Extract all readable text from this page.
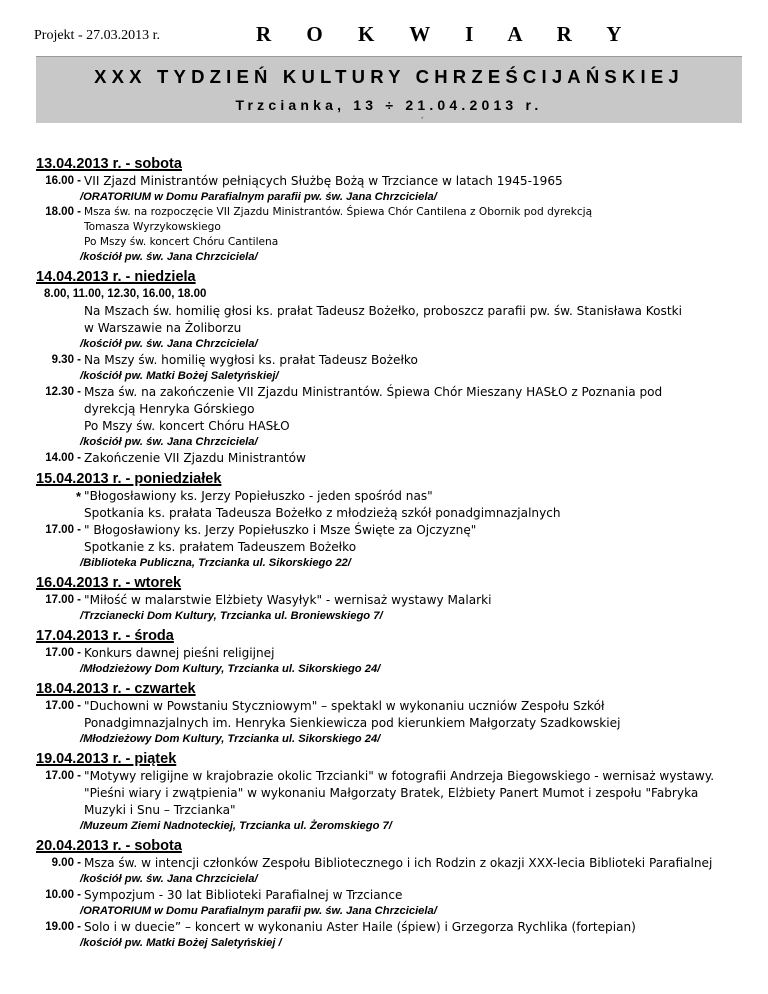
Projekt - 27.03.2013 r.	R O K W I A R Y
XXX TYDZIEŃ KULTURY CHRZEŚCIJAŃSKIEJ
Trzcianka, 13 ÷ 21.04.2013 r.
*
13.04.2013 r. - sobota
16.00 - VII Zjazd Ministrantów pełniących Służbę Bożą w Trzciance w latach 1945-1965
/ORATORIUM w Domu Parafialnym parafii pw. św. Jana Chrzciciela/
18.00 - Msza św. na rozpoczęcie VII Zjazdu Ministrantów. Śpiewa Chór Cantilena z Obornik pod dyrekcją
Tomasza Wyrzykowskiego
Po Mszy św. koncert Chóru Cantilena
/kościół pw. św. Jana Chrzciciela/
14.04.2013 r. - niedziela
8.00, 11.00, 12.30, 16.00, 18.00
Na Mszach św. homilię głosi ks. prałat Tadeusz Bożełko, proboszcz parafii pw. św. Stanisława Kostki
w Warszawie na Żoliborzu
/kościół pw. św. Jana Chrzciciela/
9.30 - Na Mszy św. homilię wygłosi ks. prałat Tadeusz Bożełko
/kościół pw. Matki Bożej Saletyńskiej/
12.30 - Msza św. na zakończenie VII Zjazdu Ministrantów. Śpiewa Chór Mieszany HASŁO z Poznania pod
dyrekcją Henryka Górskiego
Po Mszy św. koncert Chóru HASŁO
/kościół pw. św. Jana Chrzciciela/
14.00 - Zakończenie VII Zjazdu Ministrantów
15.04.2013 r. - poniedziałek
* "Błogosławiony ks. Jerzy Popiełuszko - jeden spośród nas"
Spotkania ks. prałata Tadeusza Bożełko z młodzieżą szkół ponadgimnazjalnych
17.00 - " Błogosławiony ks. Jerzy Popiełuszko i Msze Święte za Ojczyznę"
Spotkanie z ks. prałatem Tadeuszem Bożełko
/Biblioteka Publiczna, Trzcianka ul. Sikorskiego 22/
16.04.2013 r. - wtorek
17.00 - "Miłość w malarstwie Elżbiety Wasyłyk" - wernisaż wystawy Malarki
/Trzcianecki Dom Kultury, Trzcianka ul. Broniewskiego 7/
17.04.2013 r. - środa
17.00 - Konkurs dawnej pieśni religijnej
/Młodzieżowy Dom Kultury, Trzcianka ul. Sikorskiego 24/
18.04.2013 r. - czwartek
17.00 - "Duchowni w Powstaniu Styczniowym" – spektakl w wykonaniu uczniów Zespołu Szkół
Ponadgimnazjalnych im. Henryka Sienkiewicza pod kierunkiem Małgorzaty Szadkowskiej
/Młodzieżowy Dom Kultury, Trzcianka ul. Sikorskiego 24/
19.04.2013 r. - piątek
17.00 - "Motywy religijne w krajobrazie okolic Trzcianki" w fotografii Andrzeja Biegowskiego - wernisaż wystawy.
"Pieśni wiary i zwątpienia" w wykonaniu Małgorzaty Bratek, Elżbiety Panert Mumot i zespołu "Fabryka
Muzyki i Snu – Trzcianka"
/Muzeum Ziemi Nadnoteckiej, Trzcianka ul. Żeromskiego 7/
20.04.2013 r. - sobota
9.00 - Msza św. w intencji członków Zespołu Bibliotecznego i ich Rodzin z okazji XXX-lecia Biblioteki Parafialnej
/kościół pw. św. Jana Chrzciciela/
10.00 - Sympozjum - 30 lat Biblioteki Parafialnej w Trzciance
/ORATORIUM w Domu Parafialnym parafii pw. św. Jana Chrzciciela/
19.00 - Solo i w duecie” – koncert w wykonaniu Aster Haile (śpiew) i Grzegorza Rychlika (fortepian)
/kościół pw. Matki Bożej Saletyńskiej /
